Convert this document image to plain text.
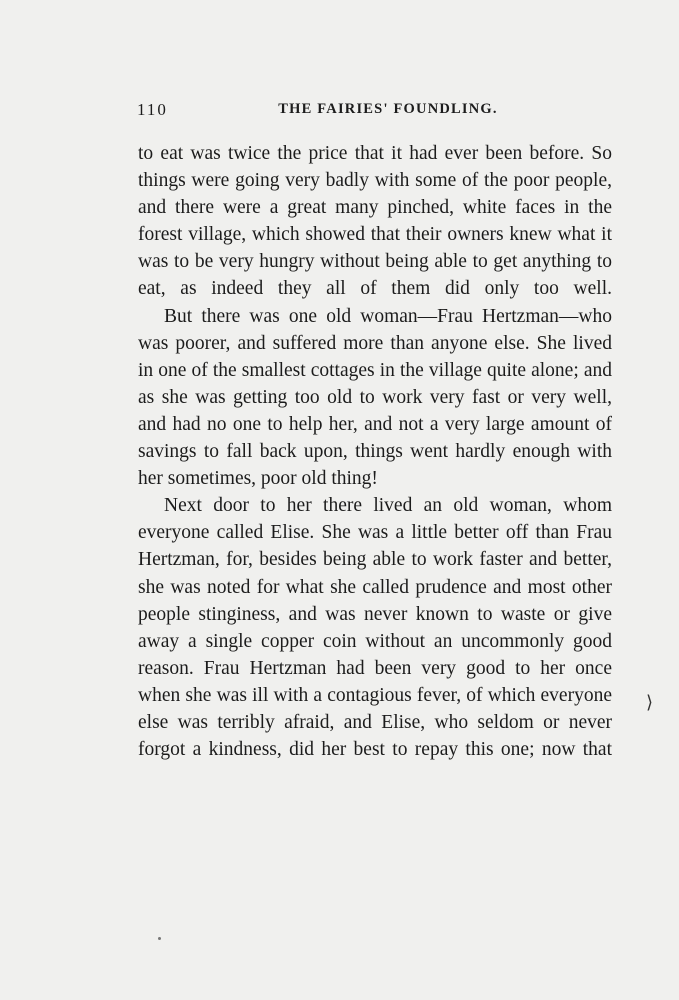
110	THE FAIRIES' FOUNDLING.

to eat was twice the price that it had ever been before. So things were going very badly with some of the poor people, and there were a great many pinched, white faces in the forest village, which showed that their owners knew what it was to be very hungry without being able to get anything to eat, as indeed they all of them did only too well.

But there was one old woman—Frau Hertzman—who was poorer, and suffered more than anyone else. She lived in one of the smallest cottages in the village quite alone; and as she was getting too old to work very fast or very well, and had no one to help her, and not a very large amount of savings to fall back upon, things went hardly enough with her sometimes, poor old thing!

Next door to her there lived an old woman, whom everyone called Elise. She was a little better off than Frau Hertzman, for, besides being able to work faster and better, she was noted for what she called prudence and most other people stinginess, and was never known to waste or give away a single copper coin without an uncommonly good reason. Frau Hertzman had been very good to her once when she was ill with a contagious fever, of which everyone else was terribly afraid, and Elise, who seldom or never forgot a kindness, did her best to repay this one; now that

⟩
